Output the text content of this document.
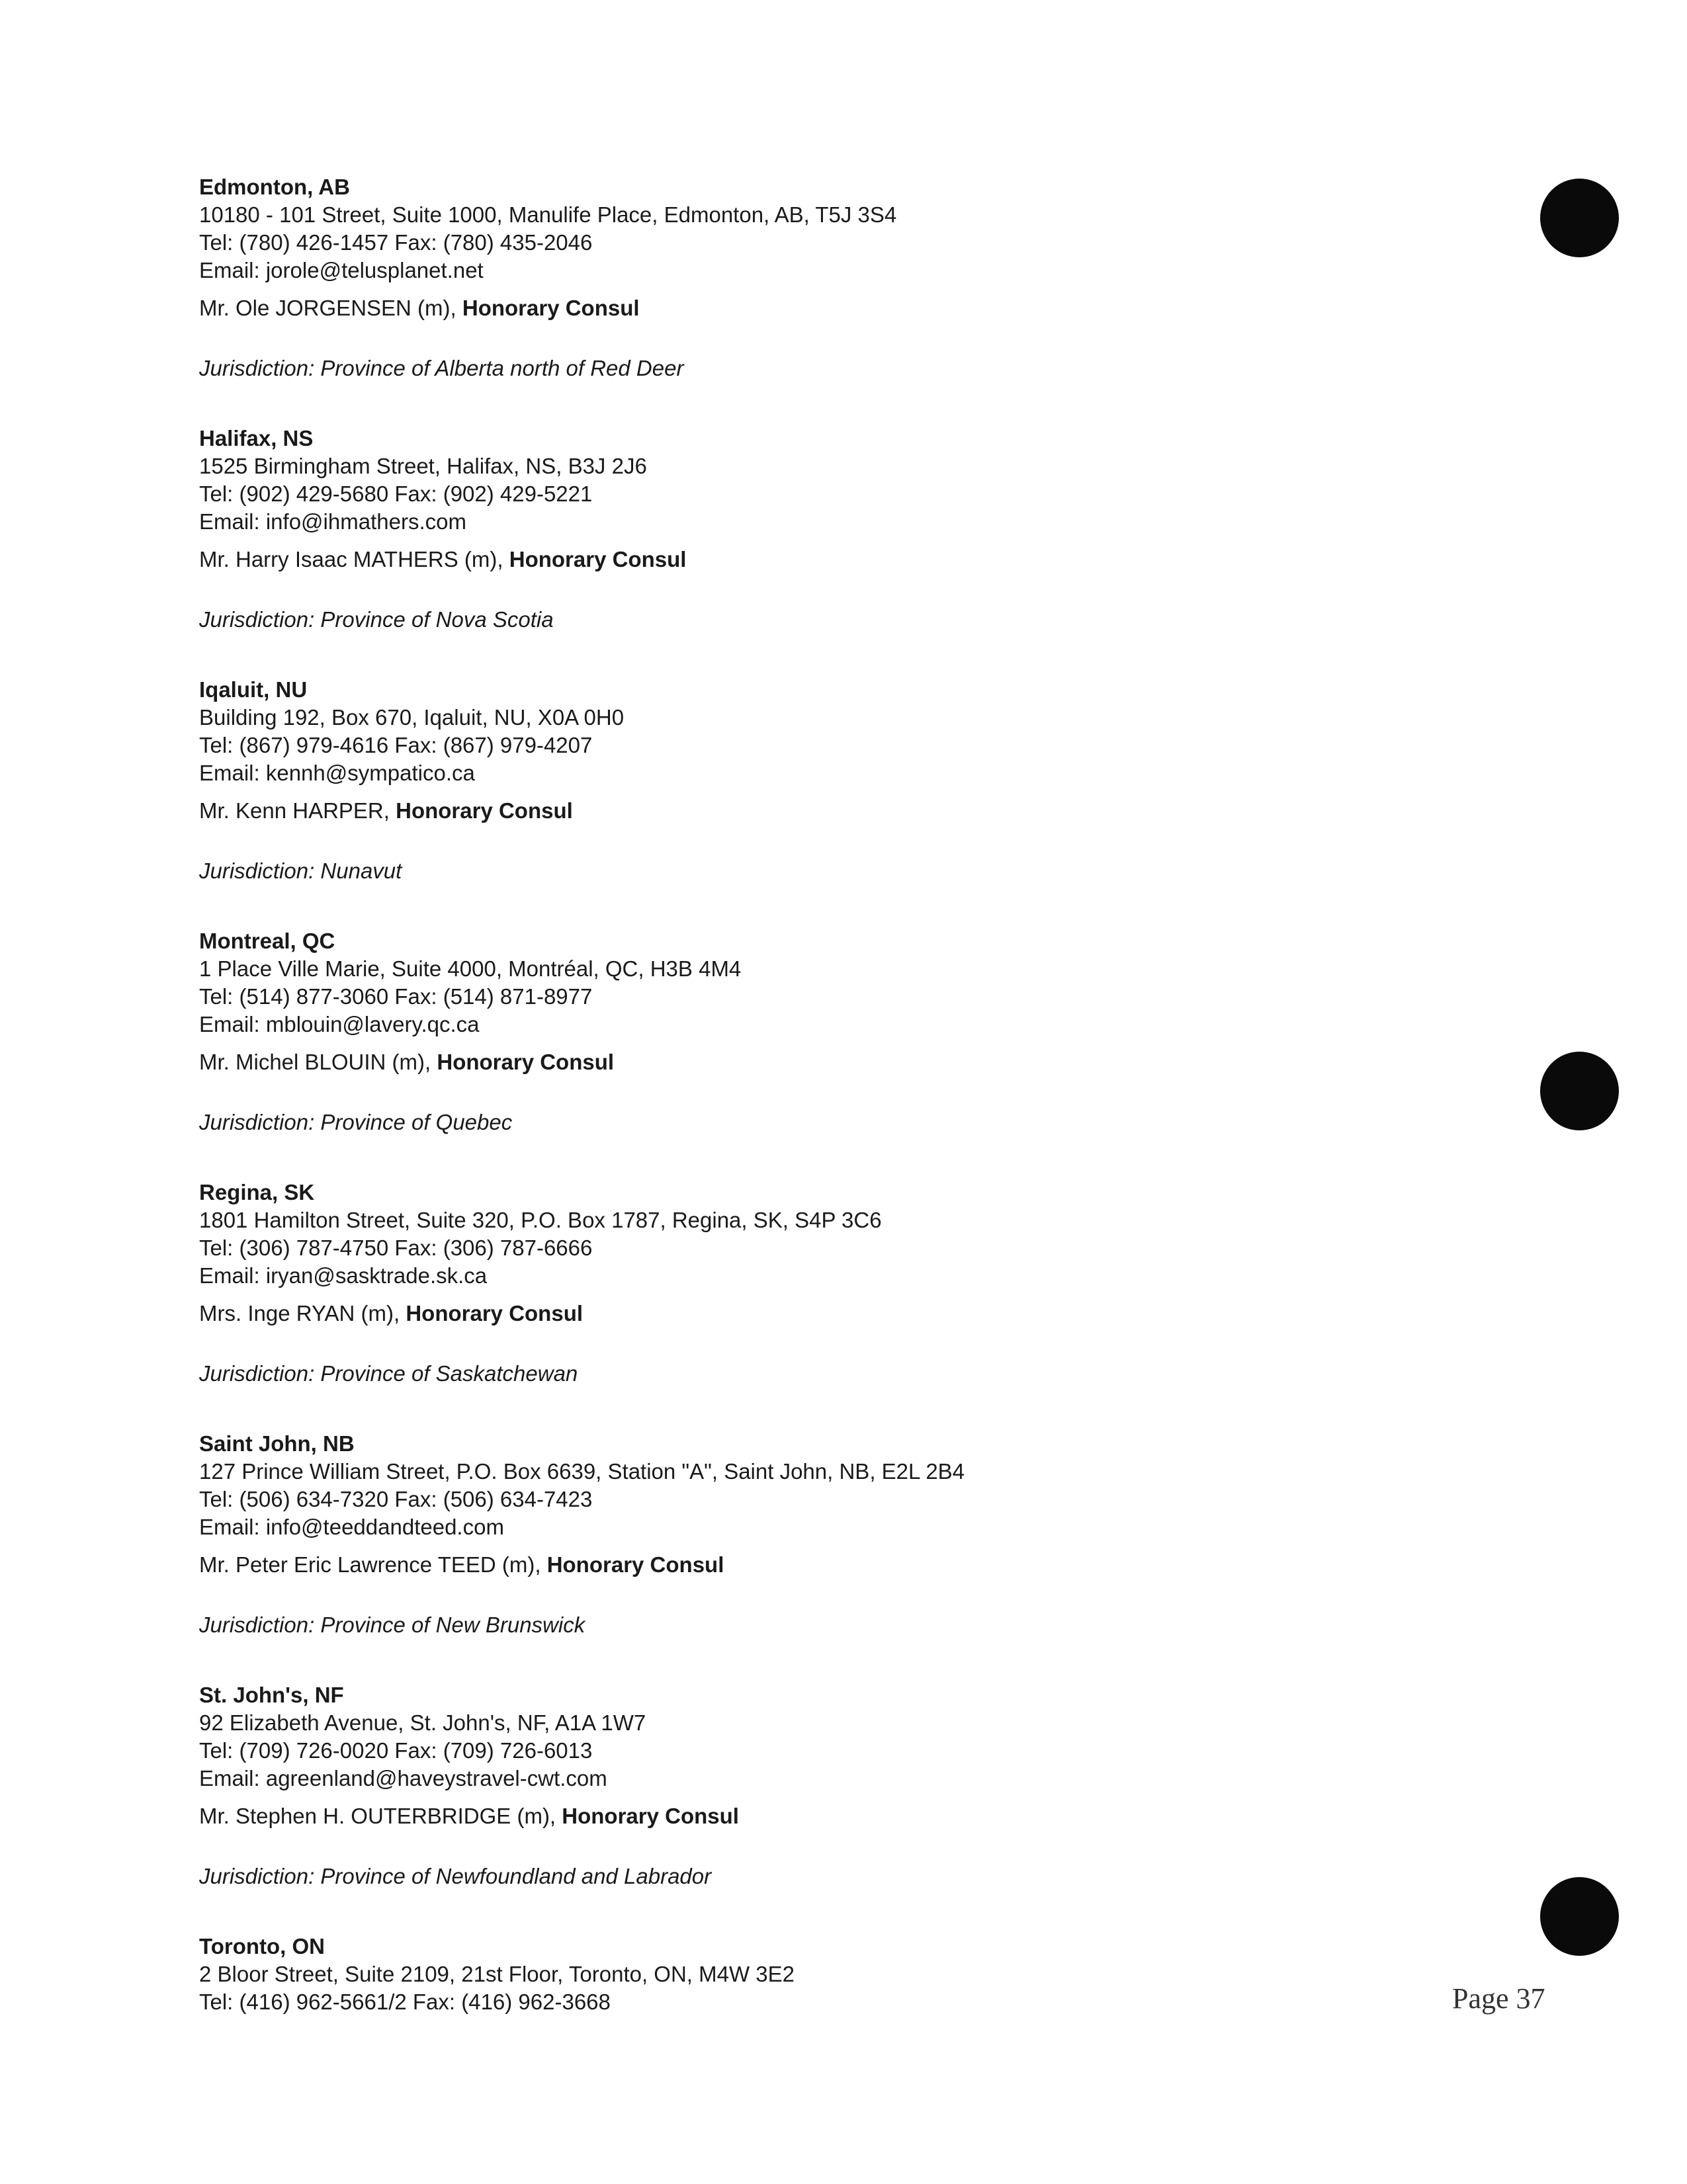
Edmonton, AB
10180 - 101 Street, Suite 1000, Manulife Place, Edmonton, AB, T5J 3S4
Tel: (780) 426-1457 Fax: (780) 435-2046
Email: jorole@telusplanet.net
Mr. Ole JORGENSEN (m), Honorary Consul
Jurisdiction: Province of Alberta north of Red Deer
Halifax, NS
1525 Birmingham Street, Halifax, NS, B3J 2J6
Tel: (902) 429-5680 Fax: (902) 429-5221
Email: info@ihmathers.com
Mr. Harry Isaac MATHERS (m), Honorary Consul
Jurisdiction: Province of Nova Scotia
Iqaluit, NU
Building 192, Box 670, Iqaluit, NU, X0A 0H0
Tel: (867) 979-4616 Fax: (867) 979-4207
Email: kennh@sympatico.ca
Mr. Kenn HARPER, Honorary Consul
Jurisdiction: Nunavut
Montreal, QC
1 Place Ville Marie, Suite 4000, Montréal, QC, H3B 4M4
Tel: (514) 877-3060 Fax: (514) 871-8977
Email: mblouin@lavery.qc.ca
Mr. Michel BLOUIN (m), Honorary Consul
Jurisdiction: Province of Quebec
Regina, SK
1801 Hamilton Street, Suite 320, P.O. Box 1787, Regina, SK, S4P 3C6
Tel: (306) 787-4750 Fax: (306) 787-6666
Email: iryan@sasktrade.sk.ca
Mrs. Inge RYAN (m), Honorary Consul
Jurisdiction: Province of Saskatchewan
Saint John, NB
127 Prince William Street, P.O. Box 6639, Station "A", Saint John, NB, E2L 2B4
Tel: (506) 634-7320 Fax: (506) 634-7423
Email: info@teeddandteed.com
Mr. Peter Eric Lawrence TEED (m), Honorary Consul
Jurisdiction: Province of New Brunswick
St. John's, NF
92 Elizabeth Avenue, St. John's, NF, A1A 1W7
Tel: (709) 726-0020 Fax: (709) 726-6013
Email: agreenland@haveystravel-cwt.com
Mr. Stephen H. OUTERBRIDGE (m), Honorary Consul
Jurisdiction: Province of Newfoundland and Labrador
Toronto, ON
2 Bloor Street, Suite 2109, 21st Floor, Toronto, ON, M4W 3E2
Tel: (416) 962-5661/2 Fax: (416) 962-3668	Page 37
